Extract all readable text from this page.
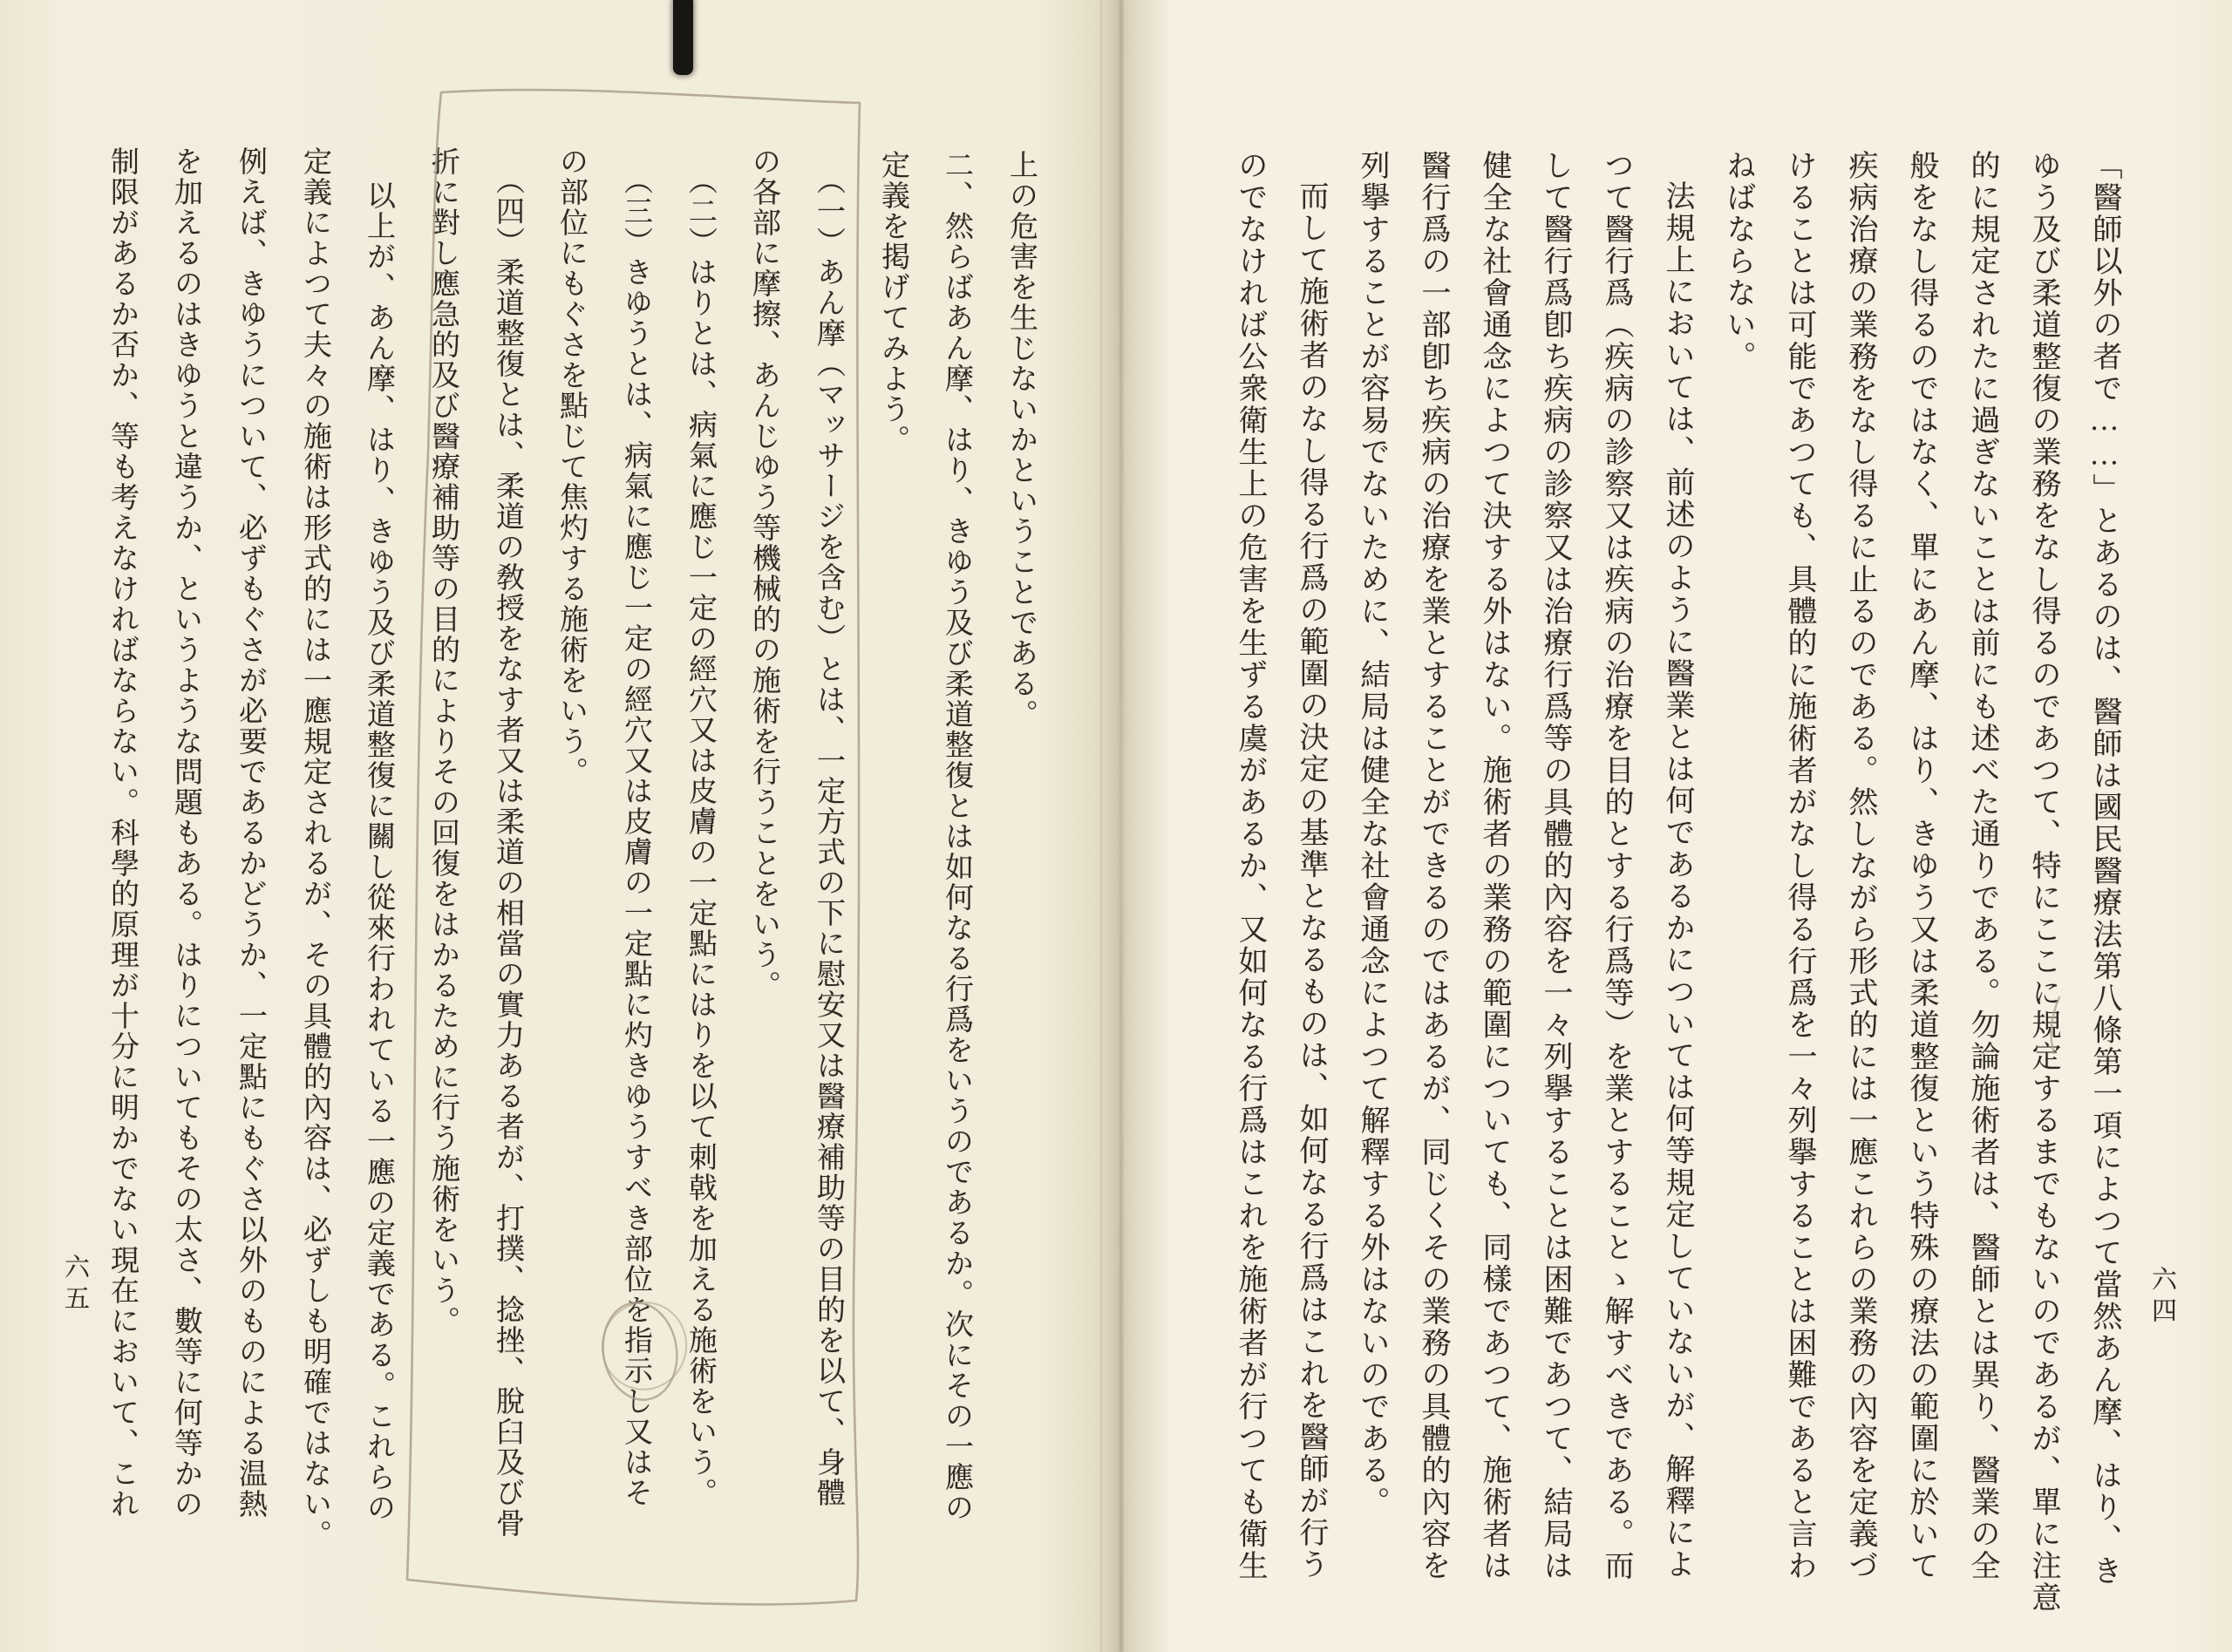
「醫師以外の者で……」とあるのは、醫師は國民醫療法第八條第一項によつて當然あん摩、はり、き
ゆう及び柔道整復の業務をなし得るのであつて、特にここに規定するまでもないのであるが、單に注意
的に規定されたに過ぎないことは前にも述べた通りである。勿論施術者は、醫師とは異り、醫業の全
般をなし得るのではなく、單にあん摩、はり、きゆう又は柔道整復という特殊の療法の範圍に於いて
疾病治療の業務をなし得るに止るのである。然しながら形式的には一應これらの業務の內容を定義づ
けることは可能であつても、具體的に施術者がなし得る行爲を一々列擧することは困難であると言わ
ねばならない。
法規上においては、前述のように醫業とは何であるかについては何等規定していないが、解釋によ
つて醫行爲（疾病の診察又は疾病の治療を目的とする行爲等）を業とすることゝ解すべきである。而
して醫行爲卽ち疾病の診察又は治療行爲等の具體的內容を一々列擧することは困難であつて、結局は
健全な社會通念によつて決する外はない。施術者の業務の範圍についても、同樣であつて、施術者は
醫行爲の一部卽ち疾病の治療を業とすることができるのではあるが、同じくその業務の具體的內容を
列擧することが容易でないために、結局は健全な社會通念によつて解釋する外はないのである。
而して施術者のなし得る行爲の範圍の決定の基準となるものは、如何なる行爲はこれを醫師が行う
のでなければ公衆衛生上の危害を生ずる虞があるか、又如何なる行爲はこれを施術者が行つても衛生
上の危害を生じないかということである。
二、然らばあん摩、はり、きゆう及び柔道整復とは如何なる行爲をいうのであるか。次にその一應の
定義を掲げてみよう。
（一）あん摩（マッサージを含む）とは、一定方式の下に慰安又は醫療補助等の目的を以て、身體
の各部に摩擦、あんじゆう等機械的の施術を行うことをいう。
（二）はりとは、病氣に應じ一定の經穴又は皮膚の一定點にはりを以て刺戟を加える施術をいう。
（三）きゆうとは、病氣に應じ一定の經穴又は皮膚の一定點に灼きゆうすべき部位を指示し又はそ
の部位にもぐさを點じて焦灼する施術をいう。
（四）柔道整復とは、柔道の敎授をなす者又は柔道の相當の實力ある者が、打撲、捻挫、脫臼及び骨
折に對し應急的及び醫療補助等の目的によりその回復をはかるために行う施術をいう。
以上が、あん摩、はり、きゆう及び柔道整復に關し從來行われている一應の定義である。これらの
定義によつて夫々の施術は形式的には一應規定されるが、その具體的內容は、必ずしも明確ではない。
例えば、きゆうについて、必ずもぐさが必要であるかどうか、一定點にもぐさ以外のものによる温熱
を加えるのはきゆうと違うか、というような問題もある。はりについてもその太さ、數等に何等かの
制限があるか否か、等も考えなければならない。科學的原理が十分に明かでない現在において、これ	六四
六五
